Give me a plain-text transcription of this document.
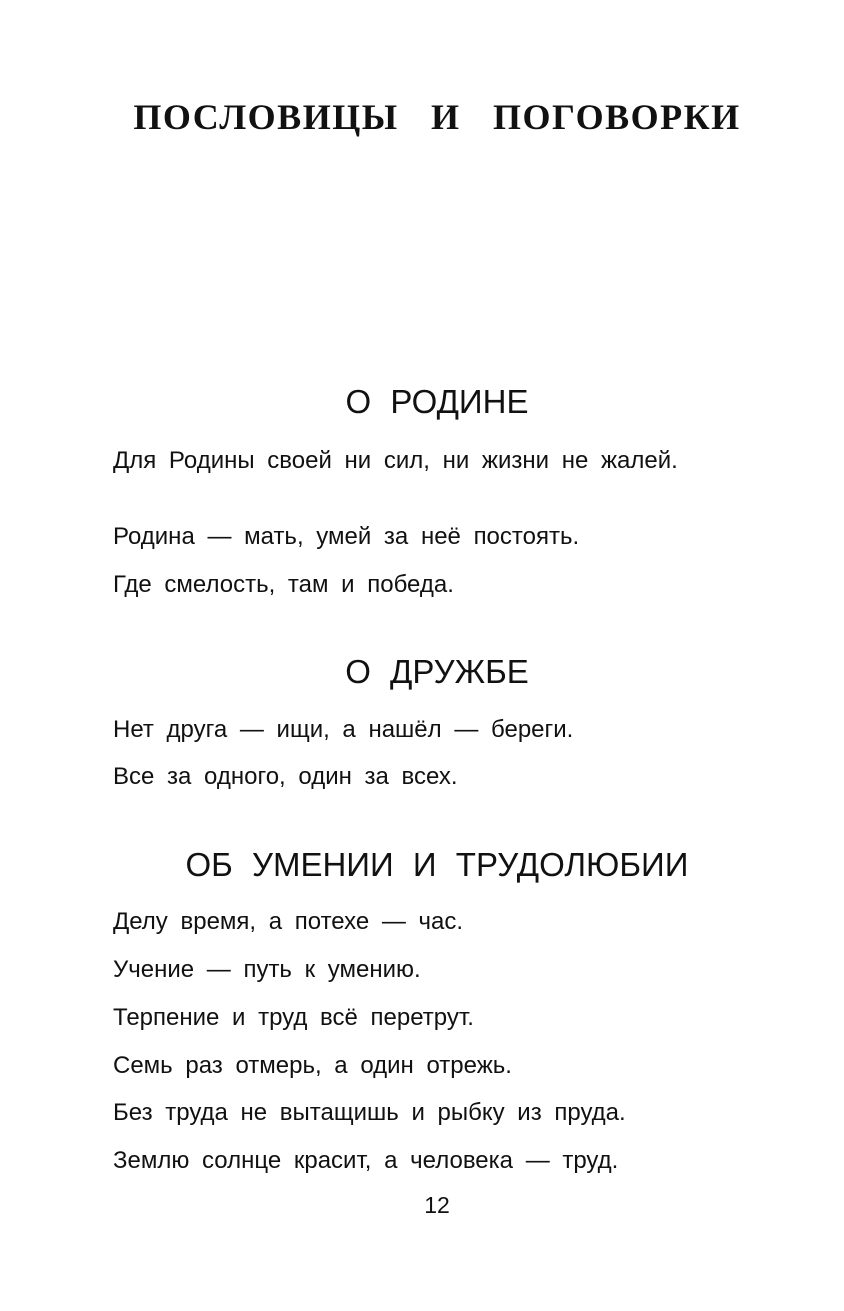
ПОСЛОВИЦЫ И ПОГОВОРКИ
О РОДИНЕ

Для Родины своей ни сил, ни жизни не жалей.

Родина — мать, умей за неё постоять.

Где смелость, там и победа.

О ДРУЖБЕ

Нет друга — ищи, а нашёл — береги.

Все за одного, один за всех.

ОБ УМЕНИИ И ТРУДОЛЮБИИ

Делу время, а потехе — час.

Учение — путь к умению.

Терпение и труд всё перетрут.

Семь раз отмерь, а один отрежь.

Без труда не вытащишь и рыбку из пруда.

Землю солнце красит, а человека — труд.

12
